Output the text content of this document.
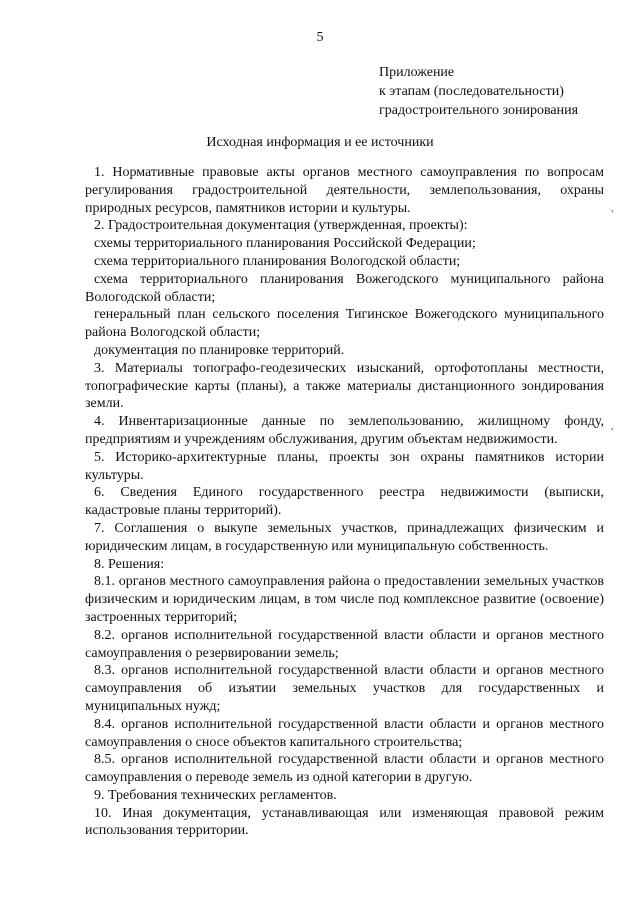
5
Приложение
к этапам (последовательности)
градостроительного зонирования
Исходная информация и ее источники

1. Нормативные правовые акты органов местного самоуправления по вопросам регулирования градостроительной деятельности, землепользования, охраны природных ресурсов, памятников истории и культуры.

2. Градостроительная документация (утвержденная, проекты):

схемы территориального планирования Российской Федерации;

схема территориального планирования Вологодской области;

схема территориального планирования Вожегодского муниципального района Вологодской области;

генеральный план сельского поселения Тигинское Вожегодского муниципального района Вологодской области;

документация по планировке территорий.

3. Материалы топографо-геодезических изысканий, ортофотопланы местности, топографические карты (планы), а также материалы дистанционного зондирования земли.

4. Инвентаризационные данные по землепользованию, жилищному фонду, предприятиям и учреждениям обслуживания, другим объектам недвижимости.

5. Историко-архитектурные планы, проекты зон охраны памятников истории культуры.

6. Сведения Единого государственного реестра недвижимости (выписки, кадастровые планы территорий).

7. Соглашения о выкупе земельных участков, принадлежащих физическим и юридическим лицам, в государственную или муниципальную собственность.

8. Решения:

8.1. органов местного самоуправления района о предоставлении земельных участков физическим и юридическим лицам, в том числе под комплексное развитие (освоение) застроенных территорий;

8.2. органов исполнительной государственной власти области и органов местного самоуправления о резервировании земель;

8.3. органов исполнительной государственной власти области и органов местного самоуправления об изъятии земельных участков для государственных и муниципальных нужд;

8.4. органов исполнительной государственной власти области и органов местного самоуправления о сносе объектов капитального строительства;

8.5. органов исполнительной государственной власти области и органов местного самоуправления о переводе земель из одной категории в другую.

9. Требования технических регламентов.

10. Иная документация, устанавливающая или изменяющая правовой режим использования территории.

,
,
